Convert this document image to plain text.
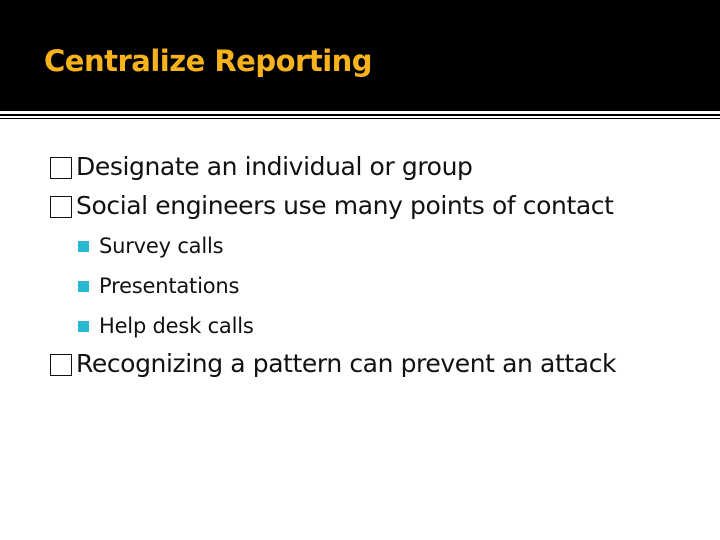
Centralize Reporting
Designate an individual or group
Social engineers use many points of contact
Survey calls
Presentations
Help desk calls
Recognizing a pattern can prevent an attack
